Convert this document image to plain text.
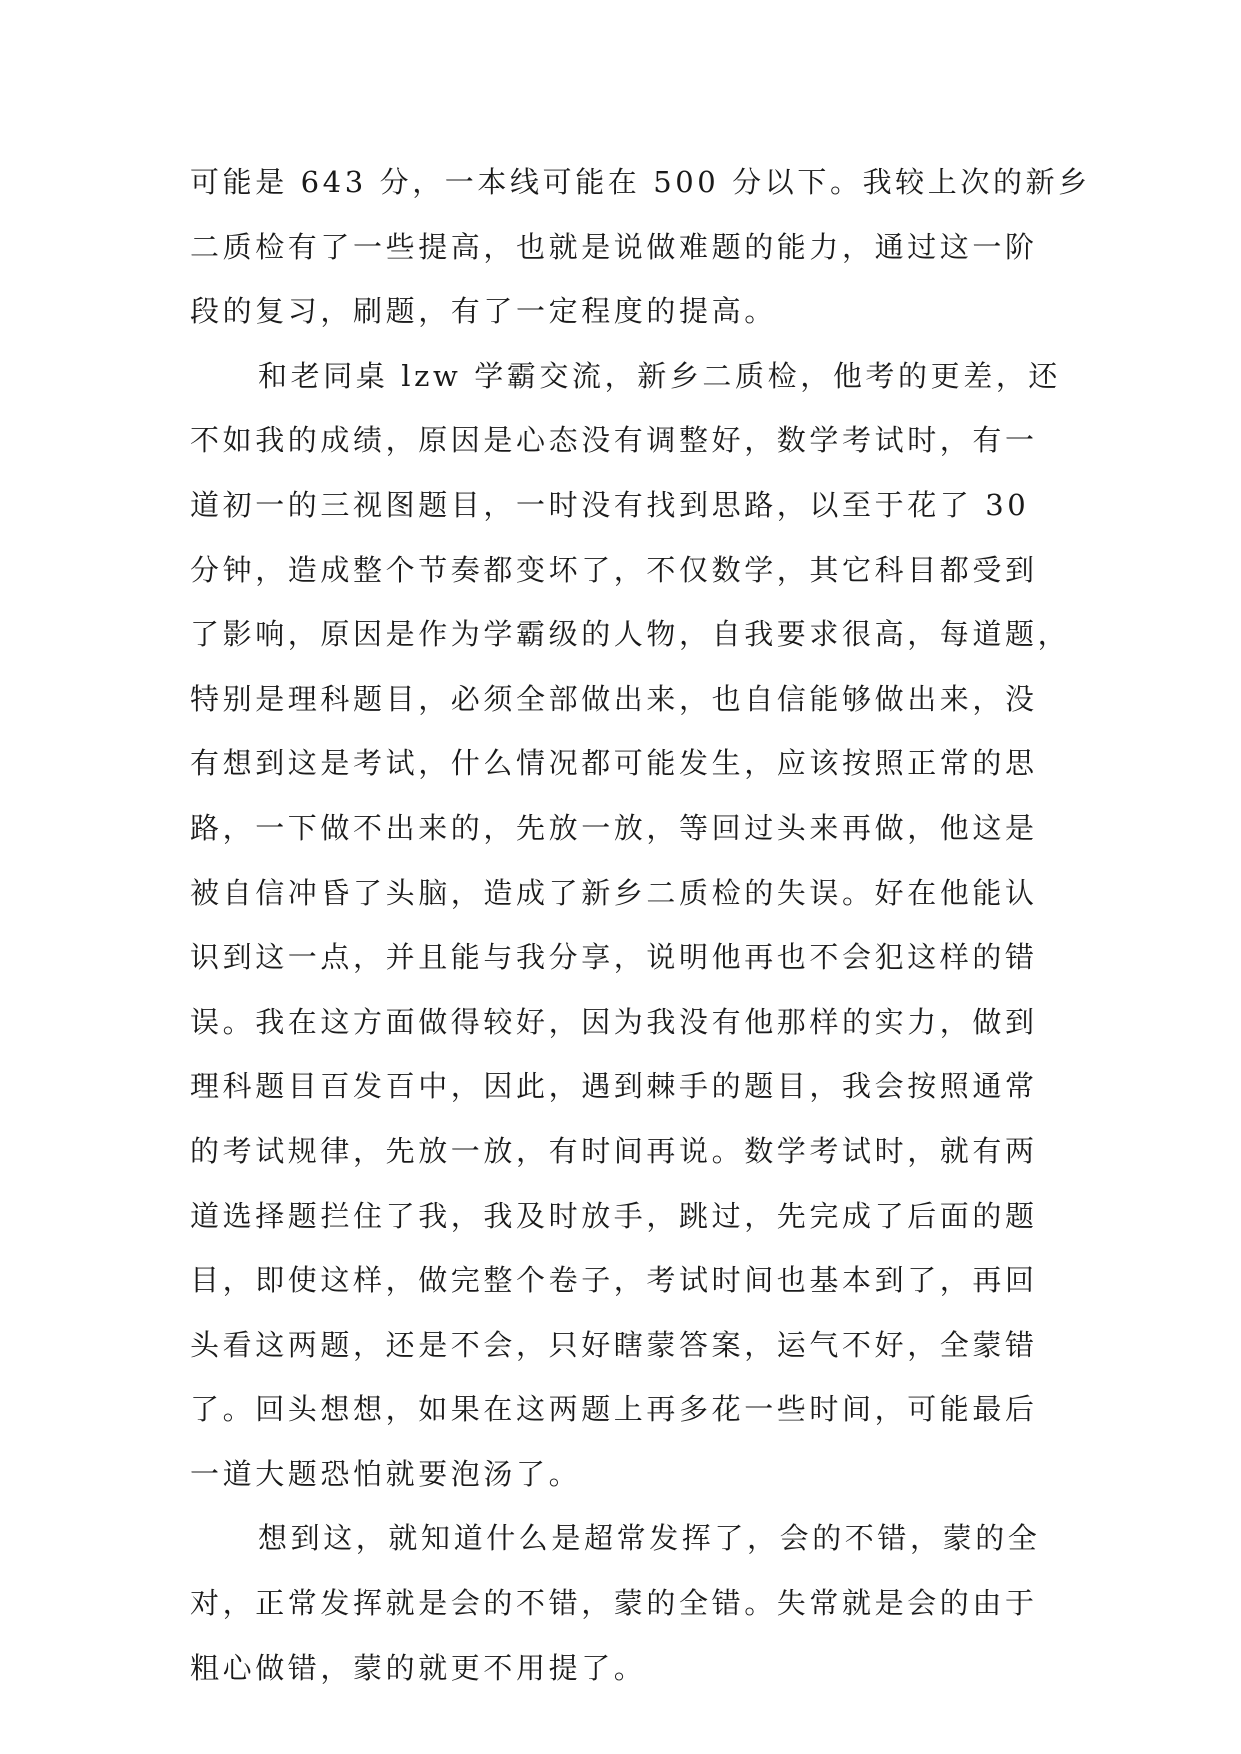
可能是 643 分，一本线可能在 500 分以下。我较上次的新乡
二质检有了一些提高，也就是说做难题的能力，通过这一阶
段的复习，刷题，有了一定程度的提高。
和老同桌 lzw 学霸交流，新乡二质检，他考的更差，还
不如我的成绩，原因是心态没有调整好，数学考试时，有一
道初一的三视图题目，一时没有找到思路，以至于花了 30
分钟，造成整个节奏都变坏了，不仅数学，其它科目都受到
了影响，原因是作为学霸级的人物，自我要求很高，每道题，
特别是理科题目，必须全部做出来，也自信能够做出来，没
有想到这是考试，什么情况都可能发生，应该按照正常的思
路，一下做不出来的，先放一放，等回过头来再做，他这是
被自信冲昏了头脑，造成了新乡二质检的失误。好在他能认
识到这一点，并且能与我分享，说明他再也不会犯这样的错
误。我在这方面做得较好，因为我没有他那样的实力，做到
理科题目百发百中，因此，遇到棘手的题目，我会按照通常
的考试规律，先放一放，有时间再说。数学考试时，就有两
道选择题拦住了我，我及时放手，跳过，先完成了后面的题
目，即使这样，做完整个卷子，考试时间也基本到了，再回
头看这两题，还是不会，只好瞎蒙答案，运气不好，全蒙错
了。回头想想，如果在这两题上再多花一些时间，可能最后
一道大题恐怕就要泡汤了。
想到这，就知道什么是超常发挥了，会的不错，蒙的全
对，正常发挥就是会的不错，蒙的全错。失常就是会的由于
粗心做错，蒙的就更不用提了。
